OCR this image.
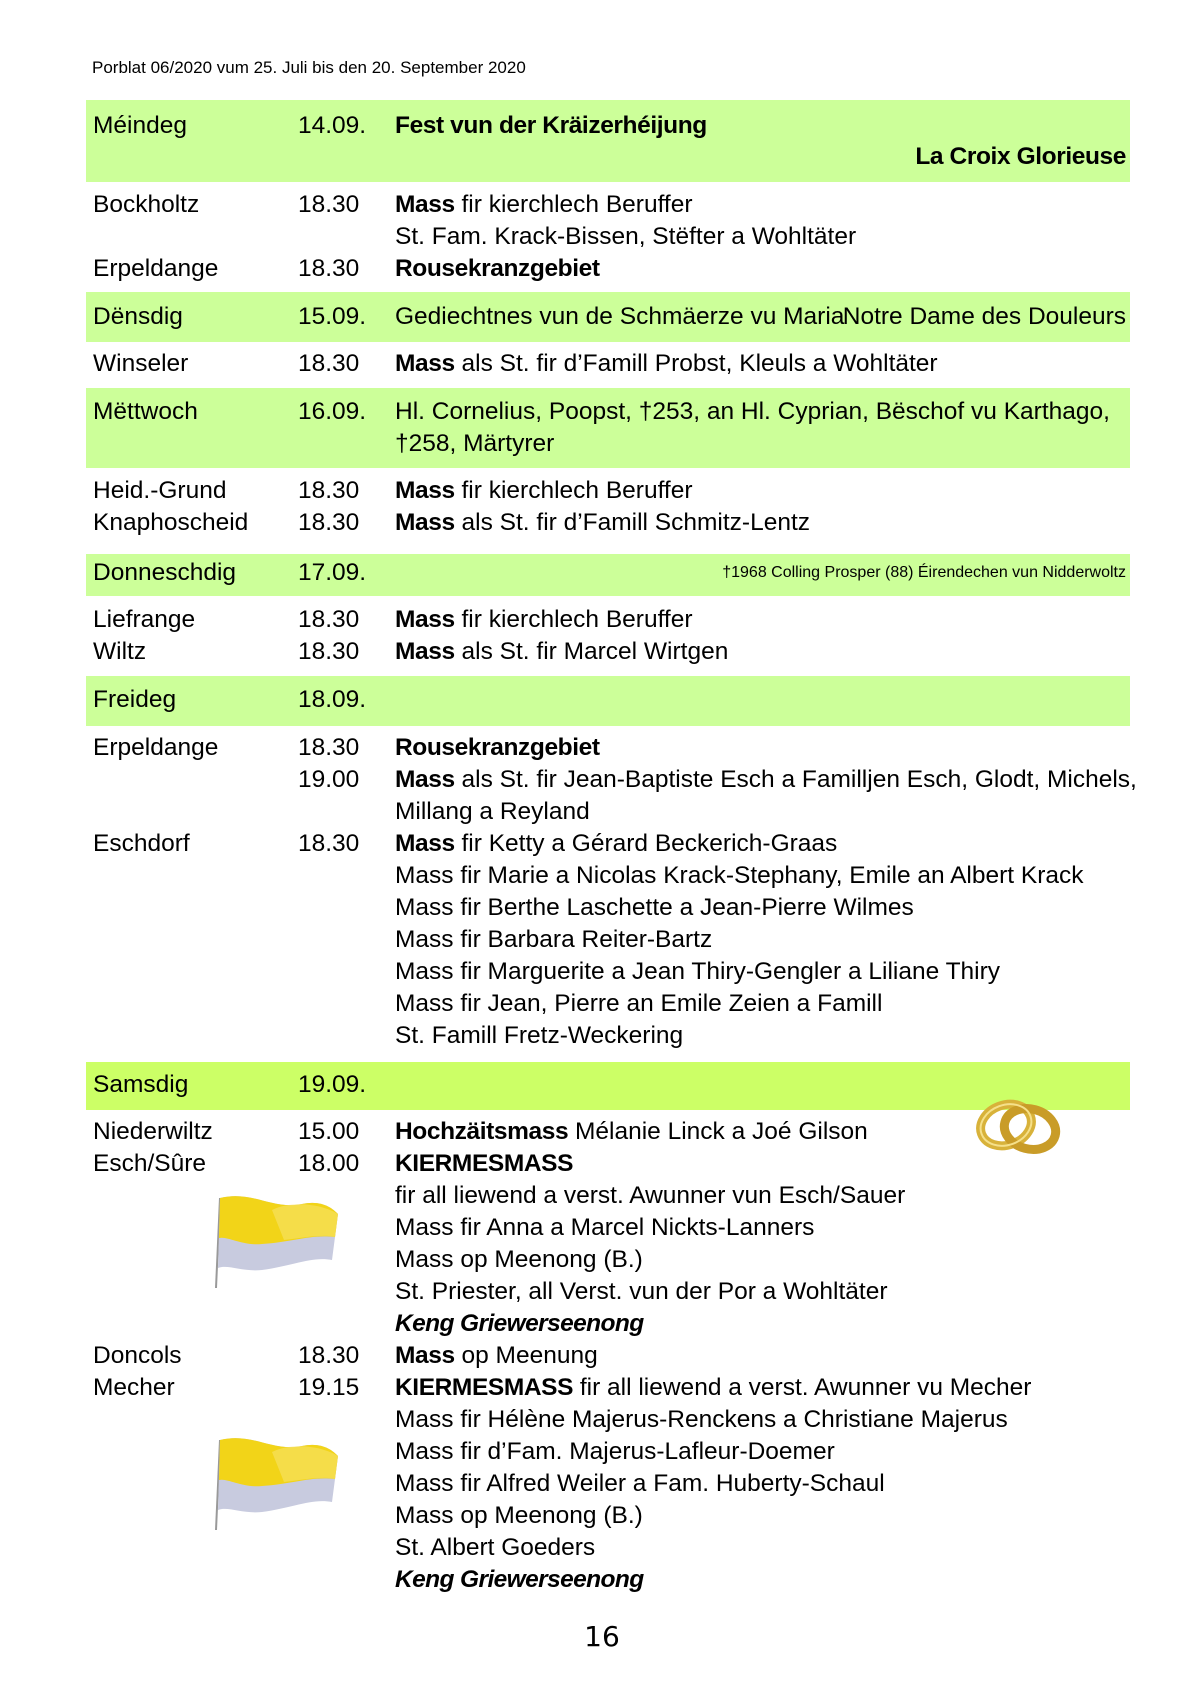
Porblat 06/2020 vum 25. Juli bis den 20. September 2020
Méindeg	14.09. Fest vun der Kräizerhéijung
La Croix Glorieuse
Bockholtz	18.30 Mass fir kierchlech Beruffer
St. Fam. Krack-Bissen, Stëfter a Wohltäter
Erpeldange	18.30 Rousekranzgebiet
Dënsdig	15.09. Gediechtnes vun de Schmäerze vu Maria
Notre Dame des Douleurs
Winseler	18.30 Mass als St. fir d’Famill Probst, Kleuls a Wohltäter
Mëttwoch	16.09. Hl. Cornelius, Poopst, †253, an Hl. Cyprian, Bëschof vu Karthago,
†258, Märtyrer
Heid.-Grund	18.30 Mass fir kierchlech Beruffer
Knaphoscheid 18.30 Mass als St. fir d’Famill Schmitz-Lentz
Donneschdig	17.09.	†1968 Colling Prosper (88) Éirendechen vun Nidderwoltz
Liefrange	18.30 Mass fir kierchlech Beruffer
Wiltz	18.30 Mass als St. fir Marcel Wirtgen
Freideg	18.09.
Erpeldange	18.30 Rousekranzgebiet
19.00 Mass als St. fir Jean-Baptiste Esch a Familljen Esch, Glodt, Michels,
Millang a Reyland
Eschdorf	18.30 Mass fir Ketty a Gérard Beckerich-Graas
Mass fir Marie a Nicolas Krack-Stephany, Emile an Albert Krack
Mass fir Berthe Laschette a Jean-Pierre Wilmes
Mass fir Barbara Reiter-Bartz
Mass fir Marguerite a Jean Thiry-Gengler a Liliane Thiry
Mass fir Jean, Pierre an Emile Zeien a Famill
St. Famill Fretz-Weckering
Samsdig	19.09.
Niederwiltz	15.00 Hochzäitsmass Mélanie Linck a Joé Gilson
Esch/Sûre	18.00 KIERMESMASS
fir all liewend a verst. Awunner vun Esch/Sauer
Mass fir Anna a Marcel Nickts-Lanners
Mass op Meenong (B.)
St. Priester, all Verst. vun der Por a Wohltäter
Keng Griewerseenong
Doncols	18.30 Mass op Meenung
Mecher	19.15 KIERMESMASS fir all liewend a verst. Awunner vu Mecher
Mass fir Hélène Majerus-Renckens a Christiane Majerus
Mass fir d’Fam. Majerus-Lafleur-Doemer
Mass fir Alfred Weiler a Fam. Huberty-Schaul
Mass op Meenong (B.)
St. Albert Goeders
Keng Griewerseenong
16
